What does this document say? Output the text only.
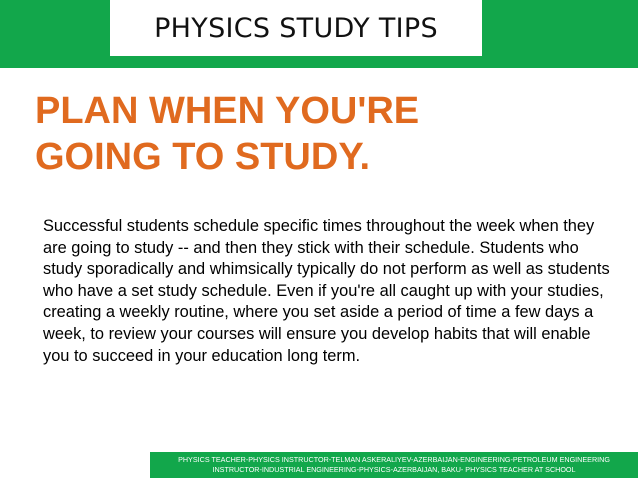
PHYSICS STUDY TIPS
PLAN WHEN YOU'RE
GOING TO STUDY.

Successful students schedule specific times throughout the week when they are going to study -- and then they stick with their schedule. Students who study sporadically and whimsically typically do not perform as well as students who have a set study schedule. Even if you're all caught up with your studies, creating a weekly routine, where you set aside a period of time a few days a week, to review your courses will ensure you develop habits that will enable you to succeed in your education long term.

PHYSICS TEACHER-PHYSICS INSTRUCTOR-TELMAN ASKERALIYEV-AZERBAIJAN-ENGINEERING-PETROLEUM ENGINEERING INSTRUCTOR-INDUSTRIAL ENGINEERING-PHYSICS-AZERBAIJAN, BAKU- PHYSICS TEACHER AT SCHOOL
